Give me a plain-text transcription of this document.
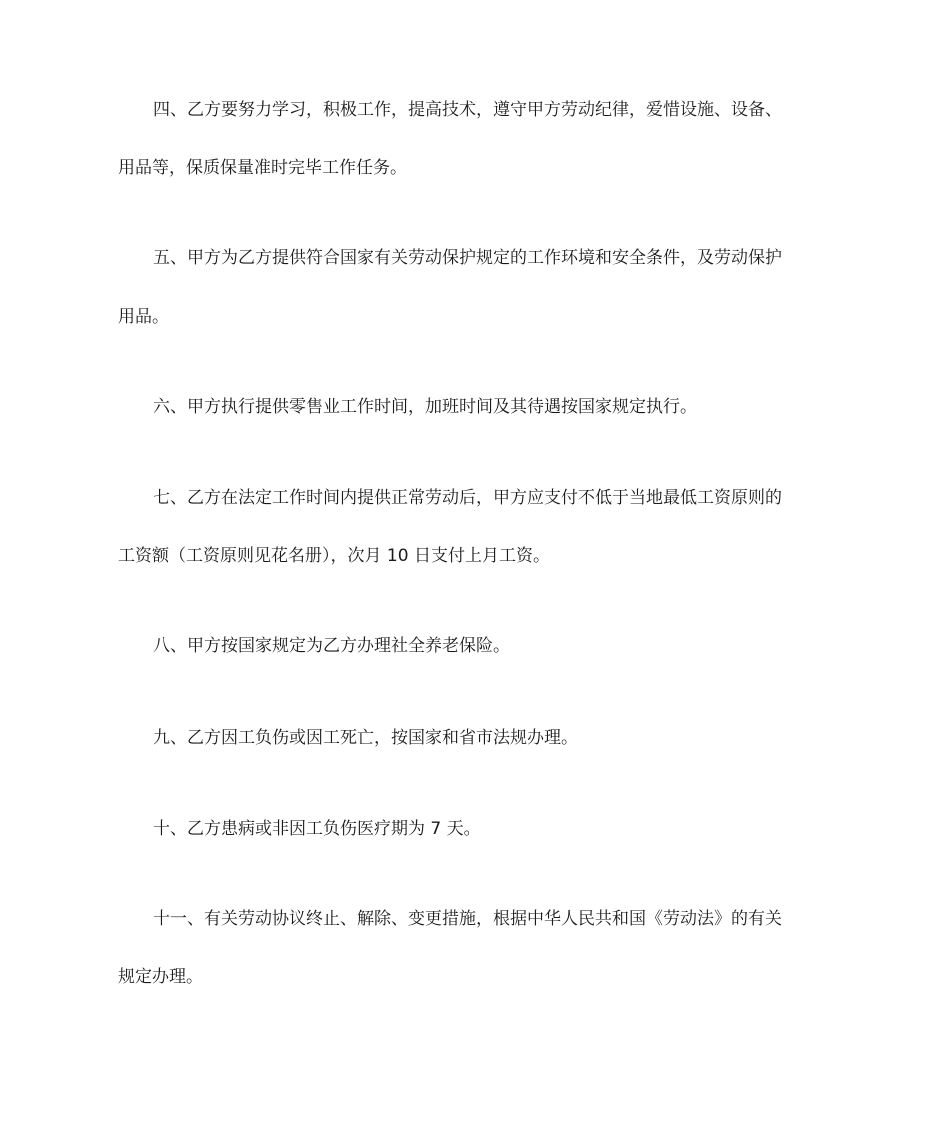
四、乙方要努力学习，积极工作，提高技术，遵守甲方劳动纪律，爱惜设施、设备、
用品等，保质保量准时完毕工作任务。
五、甲方为乙方提供符合国家有关劳动保护规定的工作环境和安全条件，及劳动保护
用品。
六、甲方执行提供零售业工作时间，加班时间及其待遇按国家规定执行。
七、乙方在法定工作时间内提供正常劳动后，甲方应支付不低于当地最低工资原则的
工资额（工资原则见花名册），次月 10 日支付上月工资。
八、甲方按国家规定为乙方办理社全养老保险。
九、乙方因工负伤或因工死亡，按国家和省市法规办理。
十、乙方患病或非因工负伤医疗期为 7 天。
十一、有关劳动协议终止、解除、变更措施，根据中华人民共和国《劳动法》的有关
规定办理。
